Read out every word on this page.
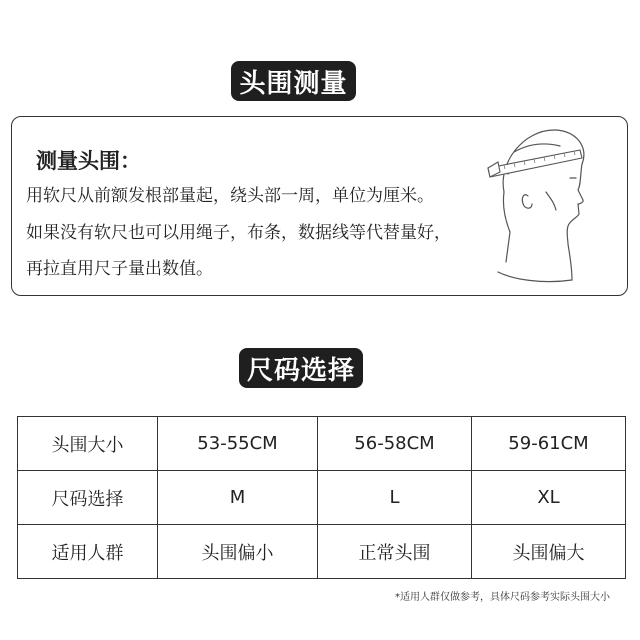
头围测量
测量头围：
用软尺从前额发根部量起，绕头部一周，单位为厘米。
如果没有软尺也可以用绳子，布条，数据线等代替量好，
再拉直用尺子量出数值。
尺码选择
头围大小	53-55CM	56-58CM	59-61CM
尺码选择	M	L	XL
适用人群	头围偏小	正常头围	头围偏大
*适用人群仅做参考，具体尺码参考实际头围大小
